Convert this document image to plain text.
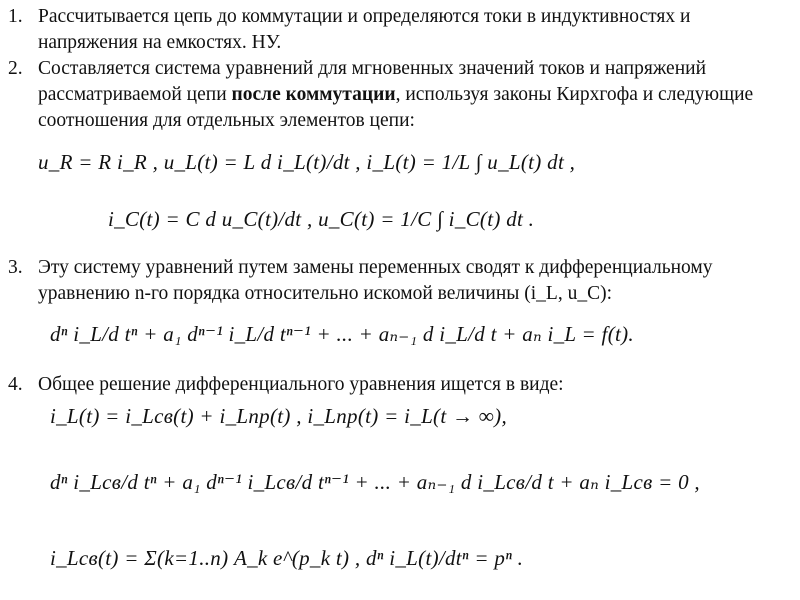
1. Рассчитывается цепь до коммутации и определяются токи в индуктивностях и напряжения на емкостях. НУ.
2. Составляется система уравнений для мгновенных значений токов и напряжений рассматриваемой цепи после коммутации, используя законы Кирхгофа и следующие соотношения для отдельных элементов цепи:
u_R = R i_R , u_L(t) = L d i_L(t)/dt , i_L(t) = 1/L ∫ u_L(t) dt ,
i_C(t) = C d u_C(t)/dt , u_C(t) = 1/C ∫ i_C(t) dt .
3. Эту систему уравнений путем замены переменных сводят к дифференциальному уравнению n-го порядка относительно искомой величины (i_L, u_C):
dⁿ i_L/d tⁿ + a₁ dⁿ⁻¹ i_L/d tⁿ⁻¹ + ... + aₙ₋₁ d i_L/d t + aₙ i_L = f(t).
4. Общее решение дифференциального уравнения ищется в виде:
i_L(t) = i_Lсв(t) + i_Lпр(t) , i_Lпр(t) = i_L(t → ∞),
dⁿ i_Lсв/d tⁿ + a₁ dⁿ⁻¹ i_Lсв/d tⁿ⁻¹ + ... + aₙ₋₁ d i_Lсв/d t + aₙ i_Lсв = 0 ,
i_Lсв(t) = Σ(k=1..n) A_k e^(p_k t) , dⁿ i_L(t)/dtⁿ = pⁿ .
